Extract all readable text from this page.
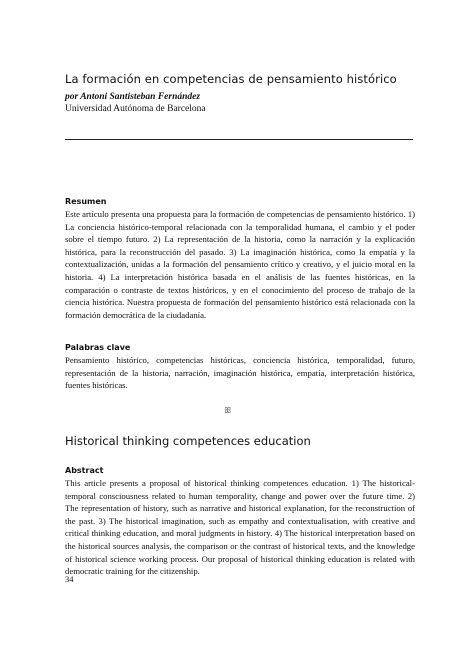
La formación en competencias de pensamiento histórico
por Antoni Santisteban Fernández
Universidad Autónoma de Barcelona
Resumen
Este artículo presenta una propuesta para la formación de competencias de pensamiento histórico. 1) La conciencia histórico-temporal relacionada con la temporalidad humana, el cambio y el poder sobre el tiempo futuro. 2) La representación de la historia, como la narración y la explicación histórica, para la reconstrucción del pasado. 3) La imaginación histórica, como la empatía y la contextualización, unidas a la formación del pensamiento crítico y creativo, y el juicio moral en la historia. 4) La interpretación histórica basada en el análisis de las fuentes históricas, en la comparación o contraste de textos históricos, y en el conocimiento del proceso de trabajo de la ciencia histórica. Nuestra propuesta de formación del pensamiento histórico está relacionada con la formación democrática de la ciudadanía.
Palabras clave
Pensamiento histórico, competencias históricas, conciencia histórica, temporalidad, futuro, representación de la historia, narración, imaginación histórica, empatía, interpretación histórica, fuentes históricas.
ꕥ
Historical thinking competences education
Abstract
This article presents a proposal of historical thinking competences education. 1) The historical-temporal consciousness related to human temporality, change and power over the future time. 2) The representation of history, such as narrative and historical explanation, for the reconstruction of the past. 3) The historical imagination, such as empathy and contextualisation, with creative and critical thinking education, and moral judgments in history. 4) The historical interpretation based on the historical sources analysis, the comparison or the contrast of historical texts, and the knowledge of historical science working process. Our proposal of historical thinking education is related with democratic training for the citizenship.
34
